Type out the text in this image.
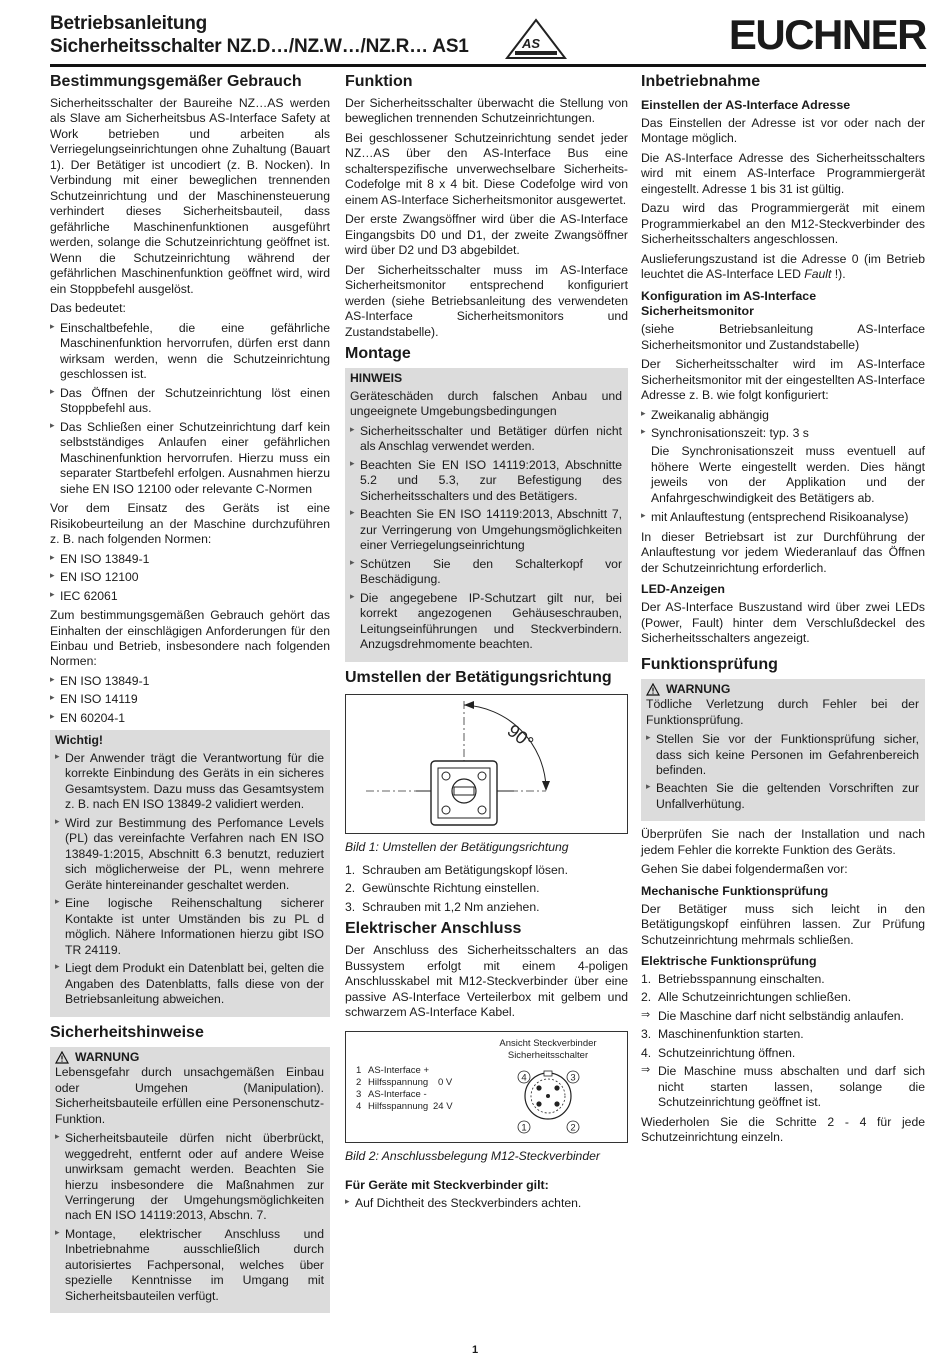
Betriebsanleitung
Sicherheitsschalter NZ.D…/NZ.W…/NZ.R… AS1	AS	EUCHNER
Bestimmungsgemäßer Gebrauch

Sicherheitsschalter der Baureihe NZ…AS werden als Slave am Sicherheitsbus AS-Interface Safety at Work betrieben und arbeiten als Verriegelungseinrichtungen ohne Zuhaltung (Bauart 1). Der Betätiger ist uncodiert (z. B. Nocken). In Verbindung mit einer beweglichen trennenden Schutzeinrichtung und der Maschinensteuerung verhindert dieses Sicherheitsbauteil, dass gefährliche Maschinenfunktionen ausgeführt werden, solange die Schutzeinrichtung geöffnet ist. Wenn die Schutzeinrichtung während der gefährlichen Maschinenfunktion geöffnet wird, wird ein Stoppbefehl ausgelöst.

Das bedeutet:

▸ Einschaltbefehle, die eine gefährliche Maschinenfunktion hervorrufen, dürfen erst dann wirksam werden, wenn die Schutzeinrichtung geschlossen ist.
▸ Das Öffnen der Schutzeinrichtung löst einen Stoppbefehl aus.
▸ Das Schließen einer Schutzeinrichtung darf kein selbstständiges Anlaufen einer gefährlichen Maschinenfunktion hervorrufen. Hierzu muss ein separater Startbefehl erfolgen. Ausnahmen hierzu siehe EN ISO 12100 oder relevante C-Normen

Vor dem Einsatz des Geräts ist eine Risikobeurteilung an der Maschine durchzuführen z. B. nach folgenden Normen:

▸ EN ISO 13849-1
▸ EN ISO 12100
▸ IEC 62061

Zum bestimmungsgemäßen Gebrauch gehört das Einhalten der einschlägigen Anforderungen für den Einbau und Betrieb, insbesondere nach folgenden Normen:

▸ EN ISO 13849-1
▸ EN ISO 14119
▸ EN 60204-1
Wichtig!
▸ Der Anwender trägt die Verantwortung für die korrekte Einbindung des Geräts in ein sicheres Gesamtsystem. Dazu muss das Gesamtsystem z. B. nach EN ISO 13849-2 validiert werden.
▸ Wird zur Bestimmung des Perfomance Levels (PL) das vereinfachte Verfahren nach EN ISO 13849-1:2015, Abschnitt 6.3 benutzt, reduziert sich möglicherweise der PL, wenn mehrere Geräte hintereinander geschaltet werden.
▸ Eine logische Reihenschaltung sicherer Kontakte ist unter Umständen bis zu PL d möglich. Nähere Informationen hierzu gibt ISO TR 24119.
▸ Liegt dem Produkt ein Datenblatt bei, gelten die Angaben des Datenblatts, falls diese von der Betriebsanleitung abweichen.
Sicherheitshinweise
WARNUNG

Lebensgefahr durch unsachgemäßen Einbau oder Umgehen (Manipulation). Sicherheitsbauteile erfüllen eine Personenschutz-Funktion.

▸ Sicherheitsbauteile dürfen nicht überbrückt, weggedreht, entfernt oder auf andere Weise unwirksam gemacht werden. Beachten Sie hierzu insbesondere die Maßnahmen zur Verringerung der Umgehungsmöglichkeiten nach EN ISO 14119:2013, Abschn. 7.
▸ Montage, elektrischer Anschluss und Inbetriebnahme ausschließlich durch autorisiertes Fachpersonal, welches über spezielle Kenntnisse im Umgang mit Sicherheitsbauteilen verfügt.
Funktion

Der Sicherheitsschalter überwacht die Stellung von beweglichen trennenden Schutzeinrichtungen.

Bei geschlossener Schutzeinrichtung sendet jeder NZ…AS über den AS-Interface Bus eine schalterspezifische unverwechselbare Sicherheits-Codefolge mit 8 x 4 bit. Diese Codefolge wird von einem AS-Interface Sicherheitsmonitor ausgewertet.

Der erste Zwangsöffner wird über die AS-Interface Eingangsbits D0 und D1, der zweite Zwangsöffner wird über D2 und D3 abgebildet.

Der Sicherheitsschalter muss im AS-Interface Sicherheitsmonitor entsprechend konfiguriert werden (siehe Betriebsanleitung des verwendeten AS-Interface Sicherheitsmonitors und Zustandstabelle).

Montage
HINWEIS

Geräteschäden durch falschen Anbau und ungeeignete Umgebungsbedingungen

▸ Sicherheitsschalter und Betätiger dürfen nicht als Anschlag verwendet werden.
▸ Beachten Sie EN ISO 14119:2013, Abschnitte 5.2 und 5.3, zur Befestigung des Sicherheitsschalters und des Betätigers.
▸ Beachten Sie EN ISO 14119:2013, Abschnitt 7, zur Verringerung von Umgehungsmöglichkeiten einer Verriegelungseinrichtung
▸ Schützen Sie den Schalterkopf vor Beschädigung.
▸ Die angegebene IP-Schutzart gilt nur, bei korrekt angezogenen Gehäuseschrauben, Leitungseinführungen und Steckverbindern. Anzugsdrehmomente beachten.
Umstellen der Betätigungsrichtung
90°
Bild 1: Umstellen der Betätigungsrichtung
1. Schrauben am Betätigungskopf lösen.
2. Gewünschte Richtung einstellen.
3. Schrauben mit 1,2 Nm anziehen.
Elektrischer Anschluss

Der Anschluss des Sicherheitsschalters an das Bussystem erfolgt mit einem 4-poligen Anschlusskabel mit M12-Steckverbinder über eine passive AS-Interface Verteilerbox mit gelbem und schwarzem AS-Interface Kabel.

Ansicht Steckverbinder
Sicherheitsschalter
1 AS-Interface +
2 Hilfsspannung 0 V
3 AS-Interface -
4 Hilfsspannung 24 V
4	3
1	2
Bild 2: Anschlussbelegung M12-Steckverbinder
Für Geräte mit Steckverbinder gilt:
▸ Auf Dichtheit des Steckverbinders achten.
Inbetriebnahme
Einstellen der AS-Interface Adresse

Das Einstellen der Adresse ist vor oder nach der Montage möglich.

Die AS-Interface Adresse des Sicherheitsschalters wird mit einem AS-Interface Programmiergerät eingestellt. Adresse 1 bis 31 ist gültig.

Dazu wird das Programmiergerät mit einem Programmierkabel an den M12-Steckverbinder des Sicherheitsschalters angeschlossen.

Auslieferungszustand ist die Adresse 0 (im Betrieb leuchtet die AS-Interface LED Fault !).

Konfiguration im AS-Interface Sicherheitsmonitor

(siehe Betriebsanleitung AS-Interface Sicherheitsmonitor und Zustandstabelle)

Der Sicherheitsschalter wird im AS-Interface Sicherheitsmonitor mit der eingestellten AS-Interface Adresse z. B. wie folgt konfiguriert:

▸ Zweikanalig abhängig
▸ Synchronisationszeit: typ. 3 s

Die Synchronisationszeit muss eventuell auf höhere Werte eingestellt werden. Dies hängt jeweils von der Applikation und der Anfahrgeschwindigkeit des Betätigers ab.

▸ mit Anlauftestung (entsprechend Risikoanalyse)

In dieser Betriebsart ist zur Durchführung der Anlauftestung vor jedem Wiederanlauf das Öffnen der Schutzeinrichtung erforderlich.

LED-Anzeigen

Der AS-Interface Buszustand wird über zwei LEDs (Power, Fault) hinter dem Verschlußdeckel des Sicherheitsschalters angezeigt.

Funktionsprüfung
WARNUNG

Tödliche Verletzung durch Fehler bei der Funktionsprüfung.

▸ Stellen Sie vor der Funktionsprüfung sicher, dass sich keine Personen im Gefahrenbereich befinden.
▸ Beachten Sie die geltenden Vorschriften zur Unfallverhütung.

Überprüfen Sie nach der Installation und nach jedem Fehler die korrekte Funktion des Geräts.

Gehen Sie dabei folgendermaßen vor:

Mechanische Funktionsprüfung

Der Betätiger muss sich leicht in den Betätigungskopf einführen lassen. Zur Prüfung Schutzeinrichtung mehrmals schließen.

Elektrische Funktionsprüfung
1. Betriebsspannung einschalten.
2. Alle Schutzeinrichtungen schließen.
⇒ Die Maschine darf nicht selbständig anlaufen.
3. Maschinenfunktion starten.
4. Schutzeinrichtung öffnen.
⇒ Die Maschine muss abschalten und darf sich nicht starten lassen, solange die Schutzeinrichtung geöffnet ist.

Wiederholen Sie die Schritte 2 - 4 für jede Schutzeinrichtung einzeln.

1
